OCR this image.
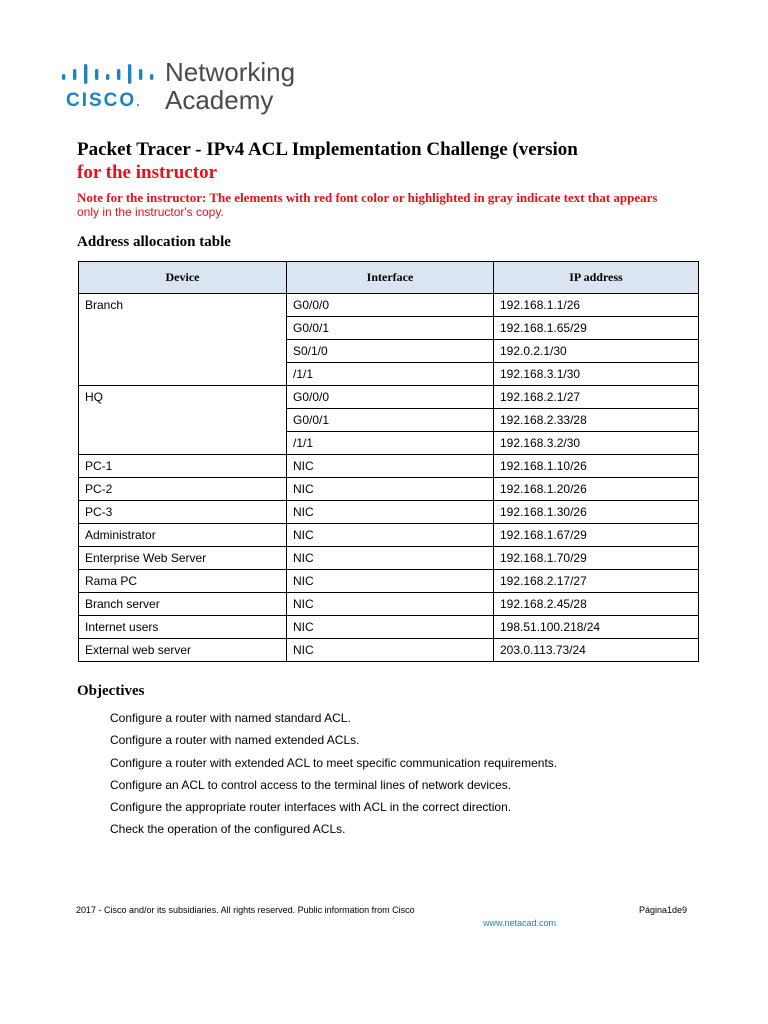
CISCO.
Networking
Academy
Packet Tracer - IPv4 ACL Implementation Challenge (version
for the instructor
Note for the instructor: The elements with red font color or highlighted in gray indicate text that appears
only in the instructor's copy.
Address allocation table
Device	Interface	IP address
Branch	G0/0/0	192.168.1.1/26
	G0/0/1	192.168.1.65/29
	S0/1/0	192.0.2.1/30
	/1/1	192.168.3.1/30
HQ	G0/0/0	192.168.2.1/27
	G0/0/1	192.168.2.33/28
	/1/1	192.168.3.2/30
PC-1	NIC	192.168.1.10/26
PC-2	NIC	192.168.1.20/26
PC-3	NIC	192.168.1.30/26
Administrator	NIC	192.168.1.67/29
Enterprise Web Server	NIC	192.168.1.70/29
Rama PC	NIC	192.168.2.17/27
Branch server	NIC	192.168.2.45/28
Internet users	NIC	198.51.100.218/24
External web server	NIC	203.0.113.73/24
Objectives
Configure a router with named standard ACL.
Configure a router with named extended ACLs.
Configure a router with extended ACL to meet specific communication requirements.
Configure an ACL to control access to the terminal lines of network devices.
Configure the appropriate router interfaces with ACL in the correct direction.
Check the operation of the configured ACLs.
2017 - Cisco and/or its subsidiaries. All rights reserved. Public information from Cisco	Página1de9
www.netacad.com
